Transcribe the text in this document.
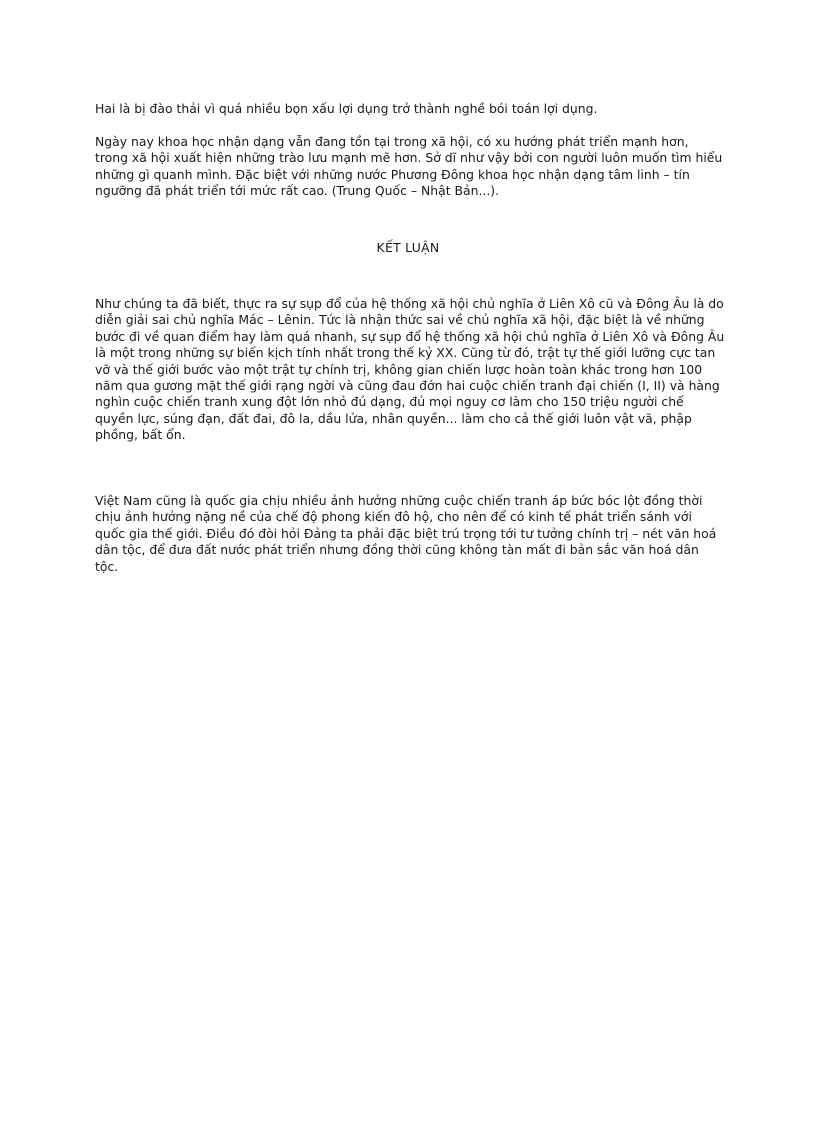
Hai là bị đào thải vì quá nhiều bọn xấu lợi dụng trở thành nghề bói toán lợi dụng.

Ngày nay khoa học nhận dạng vẫn đang tồn tại trong xã hội, có xu hướng phát triển mạnh hơn, trong xã hội xuất hiện những trào lưu mạnh mẽ hơn. Sở dĩ như vậy bởi con người luôn muốn tìm hiểu những gì quanh mình. Đặc biệt với những nước Phương Đông khoa học nhận dạng tâm linh – tín ngưỡng đã phát triển tới mức rất cao. (Trung Quốc – Nhật Bản...).

KẾT LUẬN

Như chúng ta đã biết, thực ra sự sụp đổ của hệ thống xã hội chủ nghĩa ở Liên Xô cũ và Đông Âu là do diễn giải sai chủ nghĩa Mác – Lênin. Tức là nhận thức sai về chủ nghĩa xã hội, đặc biệt là về những bước đi về quan điểm hay làm quá nhanh, sự sụp đổ hệ thống xã hội chủ nghĩa ở Liên Xô và Đông Âu là một trong những sự biến kịch tính nhất trong thế kỷ XX. Cũng từ đó, trật tự thế giới lưỡng cực tan vỡ và thế giới bước vào một trật tự chính trị, không gian chiến lược hoàn toàn khác trong hơn 100 năm qua gương mặt thế giới rạng ngời và cũng đau đớn hai cuộc chiến tranh đại chiến (I, II) và hàng nghìn cuộc chiến tranh xung đột lớn nhỏ đủ dạng, đủ mọi nguy cơ làm cho 150 triệu người chế quyền lực, súng đạn, đất đai, đô la, dầu lửa, nhân quyền... làm cho cả thế giới luôn vật vã, phập phồng, bất ổn.

Việt Nam cũng là quốc gia chịu nhiều ảnh hưởng những cuộc chiến tranh áp bức bóc lột đồng thời chịu ảnh hưởng nặng nề của chế độ phong kiến đô hộ, cho nên để có kinh tế phát triển sánh với quốc gia thế giới. Điều đó đòi hỏi Đảng ta phải đặc biệt trú trọng tới tư tưởng chính trị – nét văn hoá dân tộc, để đưa đất nước phát triển nhưng đồng thời cũng không tàn mất đi bản sắc văn hoá dân tộc.
